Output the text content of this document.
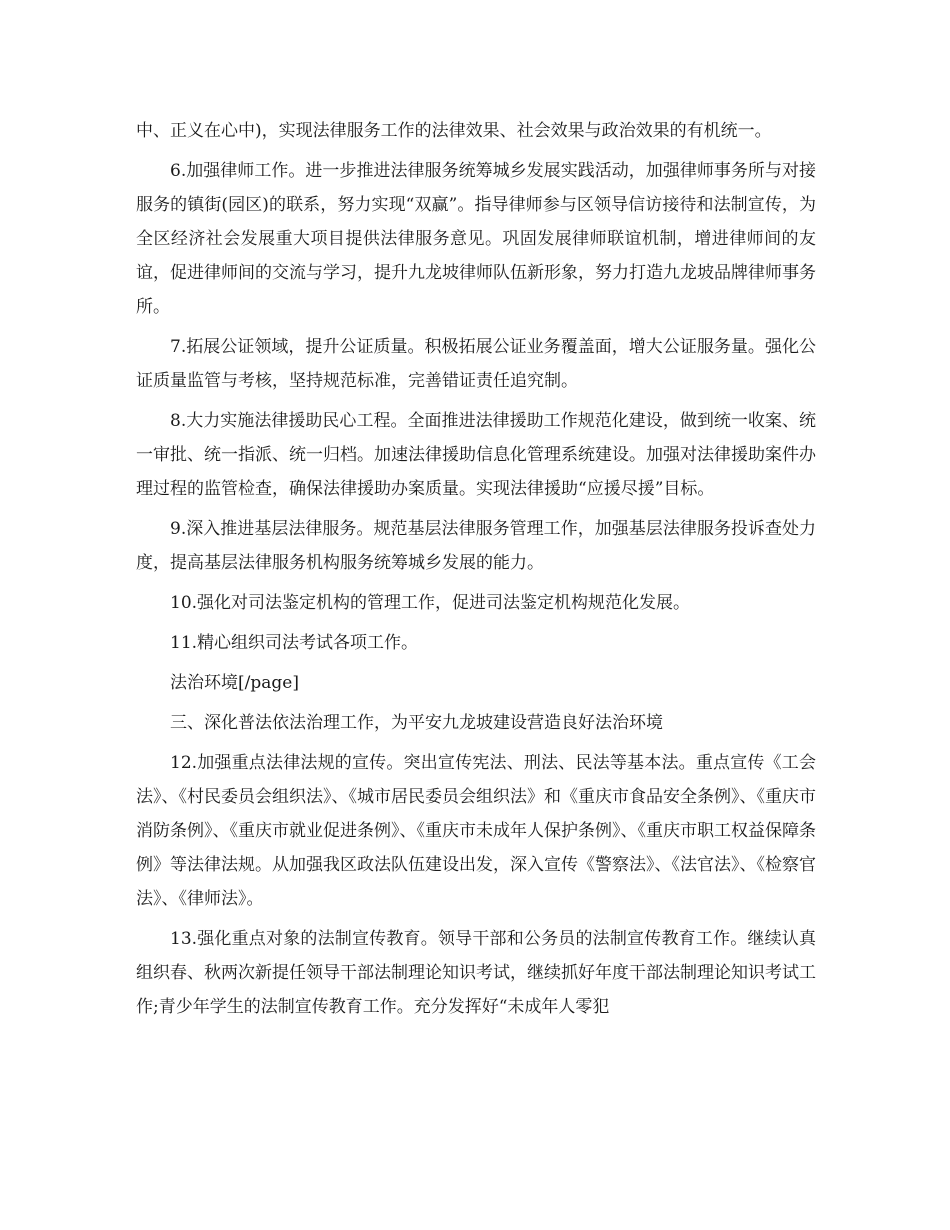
中、正义在心中)，实现法律服务工作的法律效果、社会效果与政治效果的有机统一。

6.加强律师工作。进一步推进法律服务统筹城乡发展实践活动，加强律师事务所与对接服务的镇街(园区)的联系，努力实现“双赢”。指导律师参与区领导信访接待和法制宣传，为全区经济社会发展重大项目提供法律服务意见。巩固发展律师联谊机制，增进律师间的友谊，促进律师间的交流与学习，提升九龙坡律师队伍新形象，努力打造九龙坡品牌律师事务所。

7.拓展公证领域，提升公证质量。积极拓展公证业务覆盖面，增大公证服务量。强化公证质量监管与考核，坚持规范标准，完善错证责任追究制。

8.大力实施法律援助民心工程。全面推进法律援助工作规范化建设，做到统一收案、统一审批、统一指派、统一归档。加速法律援助信息化管理系统建设。加强对法律援助案件办理过程的监管检查，确保法律援助办案质量。实现法律援助“应援尽援”目标。

9.深入推进基层法律服务。规范基层法律服务管理工作，加强基层法律服务投诉查处力度，提高基层法律服务机构服务统筹城乡发展的能力。

10.强化对司法鉴定机构的管理工作，促进司法鉴定机构规范化发展。

11.精心组织司法考试各项工作。

法治环境[/page]

三、深化普法依法治理工作，为平安九龙坡建设营造良好法治环境

12.加强重点法律法规的宣传。突出宣传宪法、刑法、民法等基本法。重点宣传《工会法》、《村民委员会组织法》、《城市居民委员会组织法》和《重庆市食品安全条例》、《重庆市消防条例》、《重庆市就业促进条例》、《重庆市未成年人保护条例》、《重庆市职工权益保障条例》等法律法规。从加强我区政法队伍建设出发，深入宣传《警察法》、《法官法》、《检察官法》、《律师法》。

13.强化重点对象的法制宣传教育。领导干部和公务员的法制宣传教育工作。继续认真组织春、秋两次新提任领导干部法制理论知识考试，继续抓好年度干部法制理论知识考试工作;青少年学生的法制宣传教育工作。充分发挥好“未成年人零犯
